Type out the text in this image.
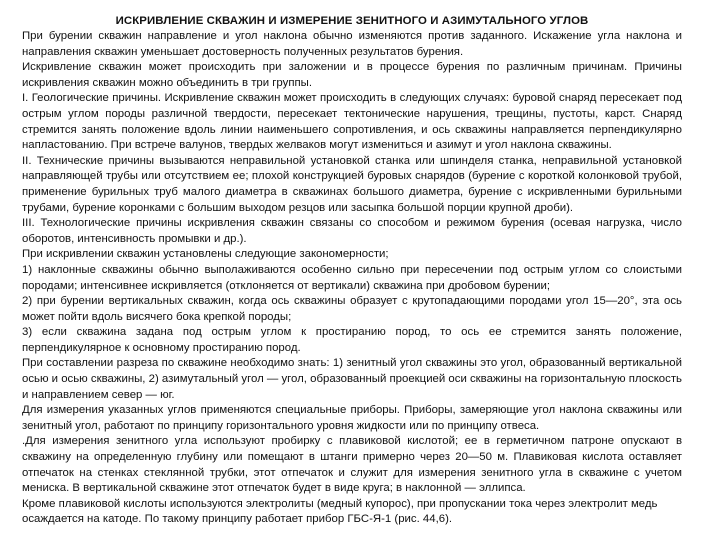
ИСКРИВЛЕНИЕ СКВАЖИН И ИЗМЕРЕНИЕ ЗЕНИТНОГО И АЗИМУТАЛЬНОГО УГЛОВ

При бурении скважин направление и угол наклона обычно изменяются против заданного. Искажение угла наклона и направления скважин уменьшает достоверность полученных результатов бурения.

Искривление скважин может происходить при заложении и в процессе бурения по различным причинам. Причины искривления скважин можно объединить в три группы.

I. Геологические причины. Искривление скважин может происходить в следующих случаях: буровой снаряд пересекает под острым углом породы различной твердости, пересекает тектонические нарушения, трещины, пустоты, карст. Снаряд стремится занять положение вдоль линии наименьшего сопротивления, и ось скважины направляется перпендикулярно напластованию. При встрече валунов, твердых желваков могут измениться и азимут и угол наклона скважины.

II. Технические причины вызываются неправильной установкой станка или шпинделя станка, неправильной установкой направляющей трубы или отсутствием ее; плохой конструкцией буровых снарядов (бурение с короткой колонковой трубой, применение бурильных труб малого диаметра в скважинах большого диаметра, бурение с искривленными бурильными трубами, бурение коронками с большим выходом резцов или засыпка большой порции крупной дроби).

III. Технологические причины искривления скважин связаны со способом и режимом бурения (осевая нагрузка, число оборотов, интенсивность промывки и др.).

При искривлении скважин установлены следующие закономерности;

1) наклонные скважины обычно выполаживаются особенно сильно при пересечении под острым углом со слоистыми породами; интенсивнее искривляется (отклоняется от вертикали) скважина при дробовом бурении;

2) при бурении вертикальных скважин, когда ось скважины образует с крутопадающими породами угол 15—20°, эта ось может пойти вдоль висячего бока крепкой породы;

3) если скважина задана под острым углом к простиранию пород, то ось ее стремится занять положение, перпендикулярное к основному простиранию пород.

При составлении разреза по скважине необходимо знать: 1) зенитный угол скважины это угол, образованный вертикальной осью и осью скважины, 2) азимутальный угол — угол, образованный проекцией оси скважины на горизонтальную плоскость и направлением север — юг.

Для измерения указанных углов применяются специальные приборы. Приборы, замеряющие угол наклона скважины или зенитный угол, работают по принципу горизонтального уровня жидкости или по принципу отвеса.

.Для измерения зенитного угла используют пробирку с плавиковой кислотой; ее в герметичном патроне опускают в скважину на определенную глубину или помещают в штанги примерно через 20—50 м. Плавиковая кислота оставляет отпечаток на стенках стеклянной трубки, этот отпечаток и служит для измерения зенитного угла в скважине с учетом мениска. В вертикальной скважине этот отпечаток будет в виде круга; в наклонной — эллипса.

Кроме плавиковой кислоты используются электролиты (медный купорос), при пропускании тока через электролит медь осаждается на катоде. По такому принципу работает прибор ГБС-Я-1 (рис. 44,6).
